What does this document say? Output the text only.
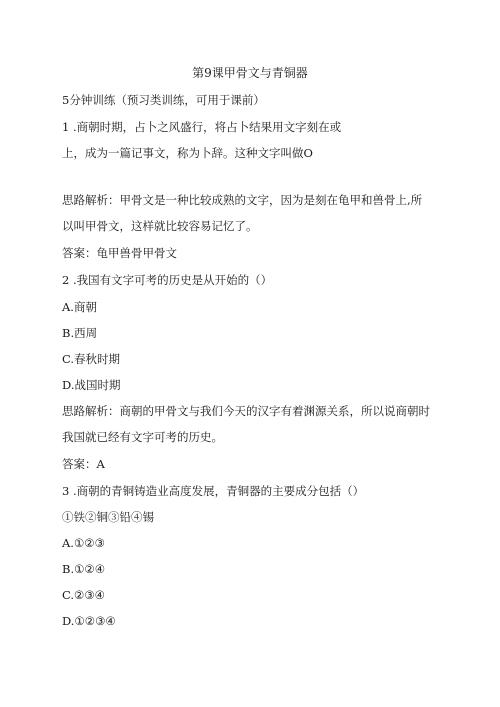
第9课甲骨文与青铜器
5分钟训练（预习类训练，可用于课前）
1 .商朝时期，占卜之风盛行，将占卜结果用文字刻在或
上，成为一篇记事文，称为卜辞。这种文字叫做O
思路解析：甲骨文是一种比较成熟的文字，因为是刻在龟甲和兽骨上,所
以叫甲骨文，这样就比较容易记忆了。
答案：龟甲兽骨甲骨文
2 .我国有文字可考的历史是从开始的（）
A.商朝
B.西周
C.春秋时期
D.战国时期
思路解析：商朝的甲骨文与我们今天的汉字有着渊源关系，所以说商朝时
我国就已经有文字可考的历史。
答案：A
3 .商朝的青铜铸造业高度发展，青铜器的主要成分包括（）
①铁②铜③铅④锡
A.①②③
B.①②④
C.②③④
D.①②③④
